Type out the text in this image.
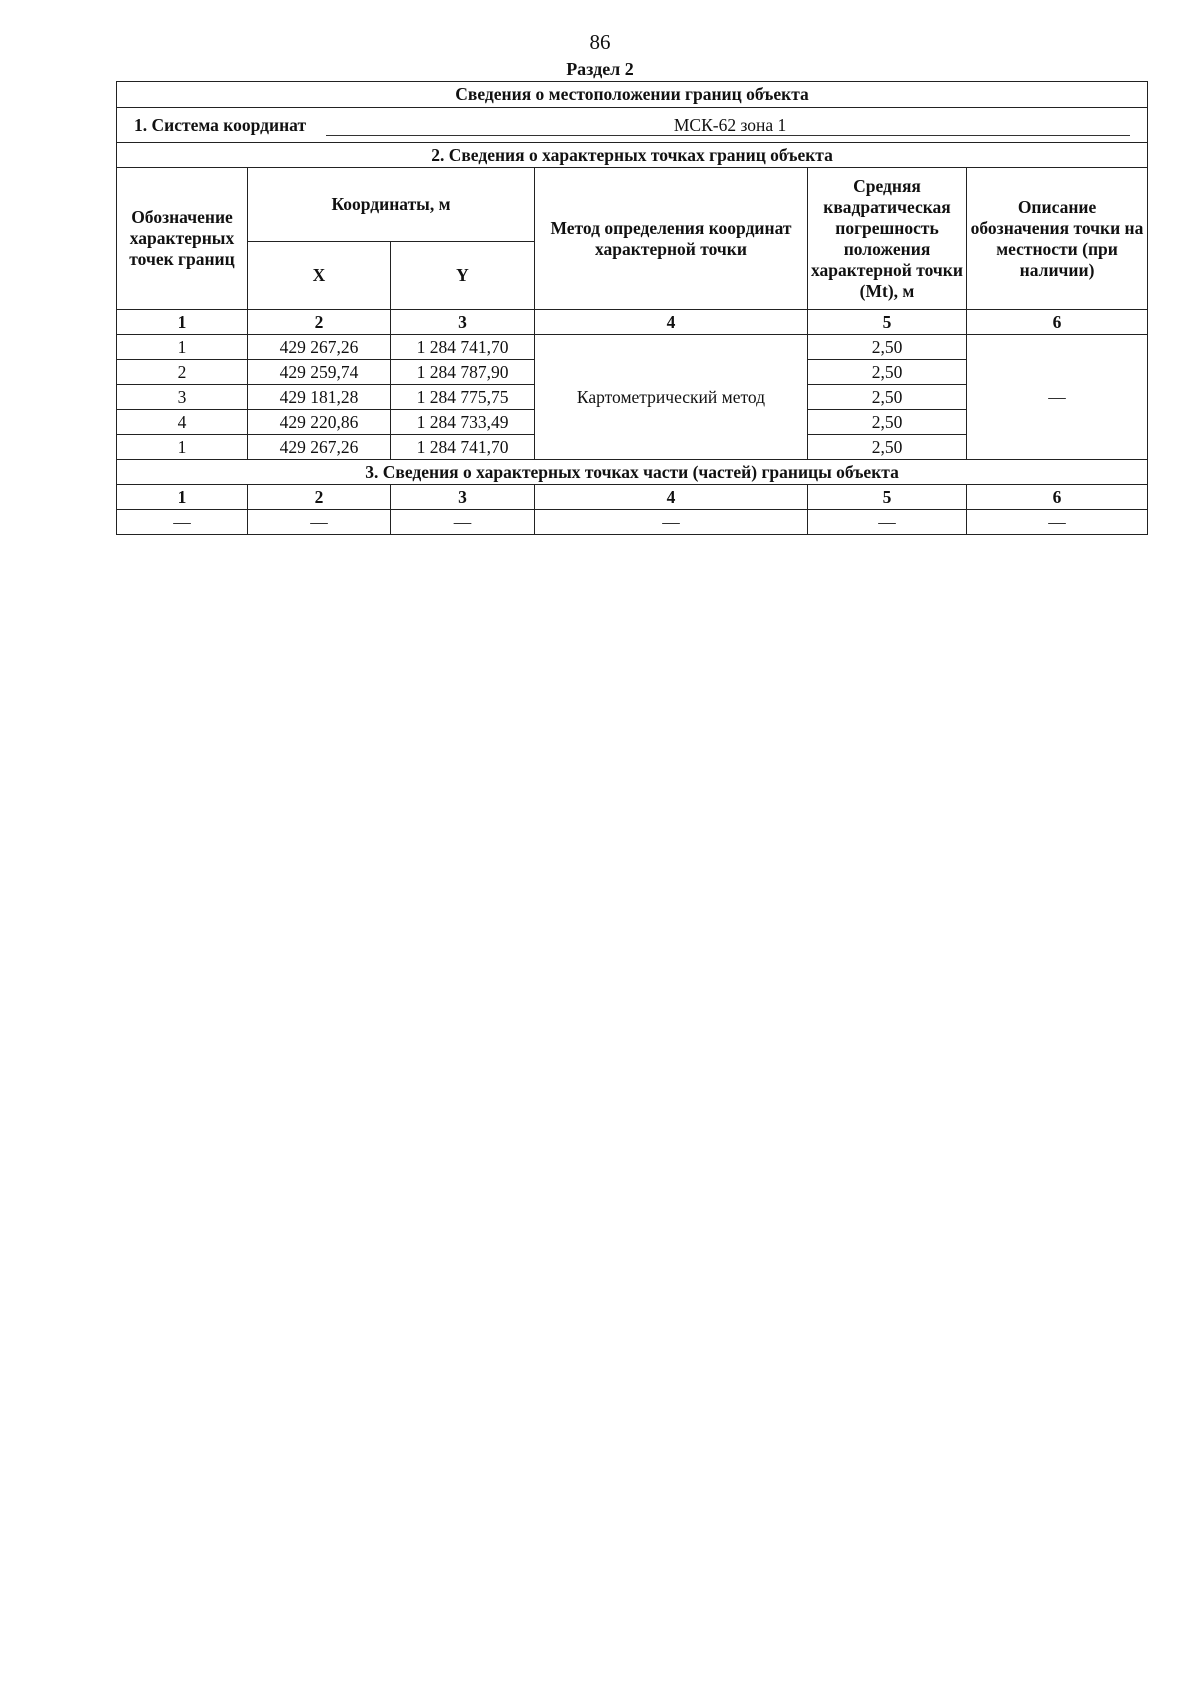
86
Раздел 2
Сведения о местоположении границ объекта					
1. Система координат МСК-62 зона 1					
2. Сведения о характерных точках границ объекта					
Обозначение характерных точек границ	Координаты, м		Метод определения координат характерной точки	Средняя квадратическая погрешность положения характерной точки (Mt), м	Описание обозначения точки на местности (при наличии)
	X	Y			
1	2	3	4	5	6
1	429 267,26	1 284 741,70	Картометрический метод	2,50	—
2	429 259,74	1 284 787,90		2,50	
3	429 181,28	1 284 775,75		2,50	
4	429 220,86	1 284 733,49		2,50	
1	429 267,26	1 284 741,70		2,50	
3. Сведения о характерных точках части (частей) границы объекта					
1	2	3	4	5	6
—	—	—	—	—	—
